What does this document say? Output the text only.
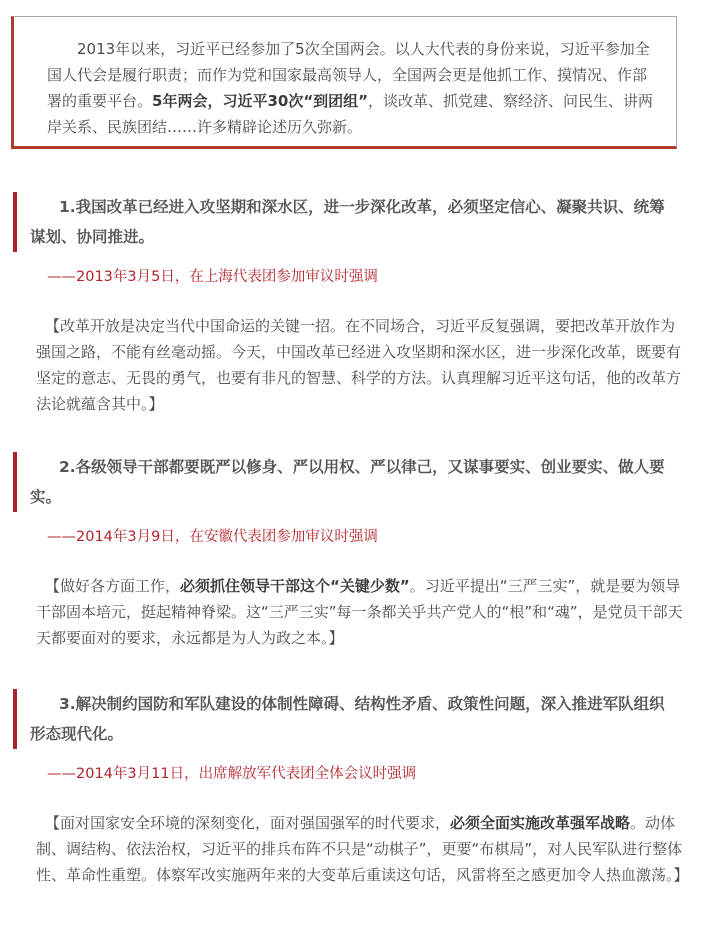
2013年以来，习近平已经参加了5次全国两会。以人大代表的身份来说，习近平参加全国人代会是履行职责；而作为党和国家最高领导人，全国两会更是他抓工作、摸情况、作部署的重要平台。5年两会，习近平30次“到团组”，谈改革、抓党建、察经济、问民生、讲两岸关系、民族团结……许多精辟论述历久弥新。

1.我国改革已经进入攻坚期和深水区，进一步深化改革，必须坚定信心、凝聚共识、统筹谋划、协同推进。
——2013年3月5日，在上海代表团参加审议时强调

【改革开放是决定当代中国命运的关键一招。在不同场合，习近平反复强调，要把改革开放作为强国之路，不能有丝毫动摇。今天，中国改革已经进入攻坚期和深水区，进一步深化改革，既要有坚定的意志、无畏的勇气，也要有非凡的智慧、科学的方法。认真理解习近平这句话，他的改革方法论就蕴含其中。】

2.各级领导干部都要既严以修身、严以用权、严以律己，又谋事要实、创业要实、做人要实。
——2014年3月9日，在安徽代表团参加审议时强调

【做好各方面工作，必须抓住领导干部这个“关键少数”。习近平提出“三严三实”，就是要为领导干部固本培元，挺起精神脊梁。这“三严三实”每一条都关乎共产党人的“根”和“魂”，是党员干部天天都要面对的要求，永远都是为人为政之本。】

3.解决制约国防和军队建设的体制性障碍、结构性矛盾、政策性问题，深入推进军队组织形态现代化。
——2014年3月11日，出席解放军代表团全体会议时强调

【面对国家安全环境的深刻变化，面对强国强军的时代要求，必须全面实施改革强军战略。动体制、调结构、依法治权，习近平的排兵布阵不只是“动棋子”，更要“布棋局”，对人民军队进行整体性、革命性重塑。体察军改实施两年来的大变革后重读这句话，风雷将至之感更加令人热血激荡。】
